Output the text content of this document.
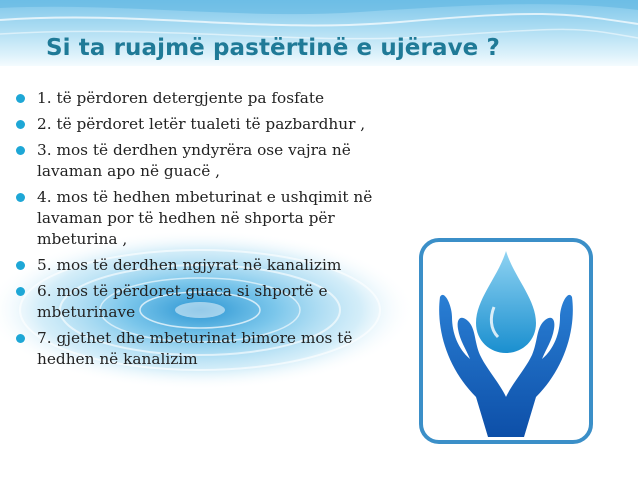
Si ta ruajmë pastërtinë e ujërave ?
1. të përdoren detergjente pa fosfate
2. të përdoret letër tualeti të pazbardhur ,
3. mos të derdhen yndyrëra ose vajra në lavaman apo në guacë ,
4. mos të hedhen mbeturinat e ushqimit në lavaman por të hedhen në shporta për mbeturina ,
5. mos të derdhen ngjyrat në kanalizim
6. mos të përdoret guaca si shportë e mbeturinave
7. gjethet dhe mbeturinat bimore mos të hedhen në kanalizim
